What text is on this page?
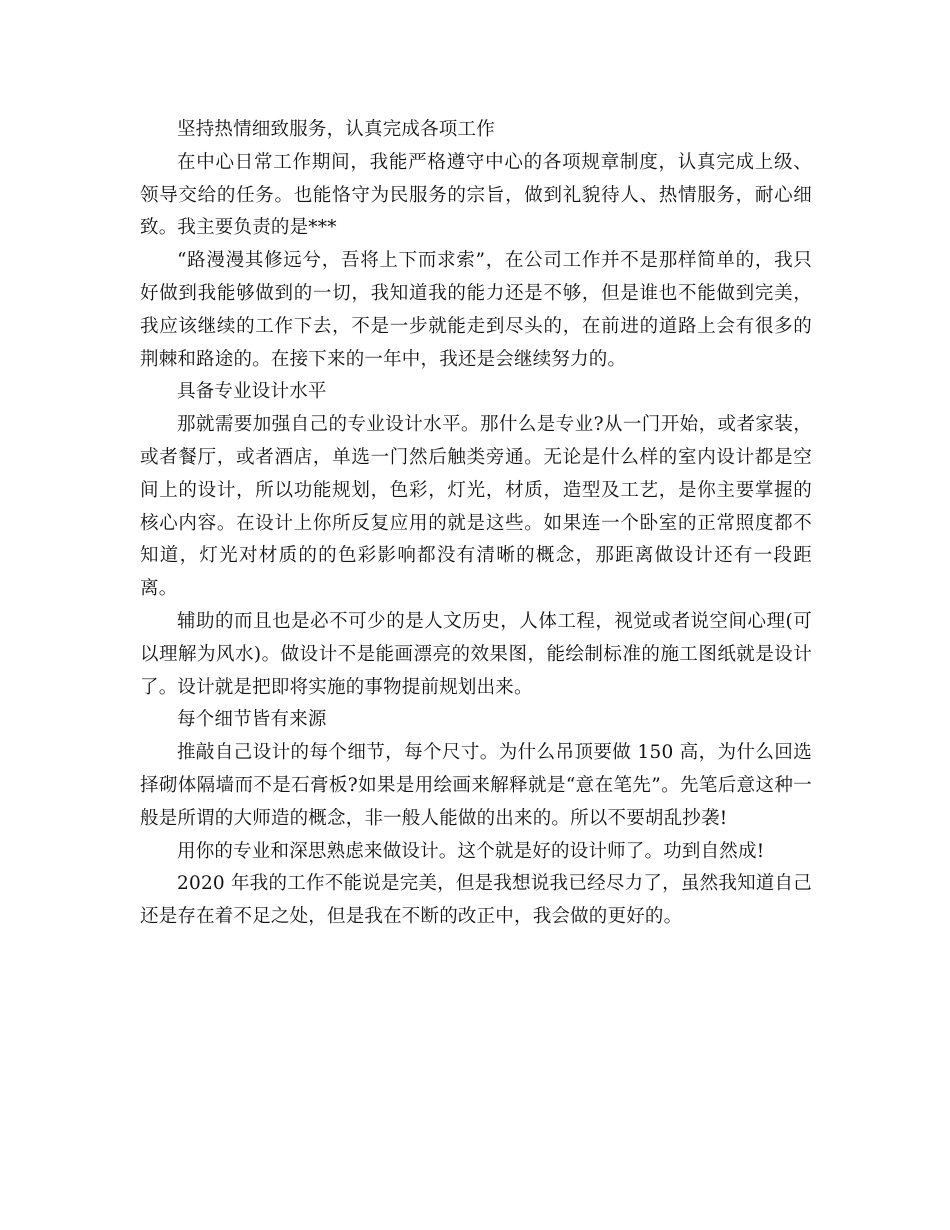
坚持热情细致服务，认真完成各项工作

在中心日常工作期间，我能严格遵守中心的各项规章制度，认真完成上级、领导交给的任务。也能恪守为民服务的宗旨，做到礼貌待人、热情服务，耐心细致。我主要负责的是***

“路漫漫其修远兮，吾将上下而求索”，在公司工作并不是那样简单的，我只好做到我能够做到的一切，我知道我的能力还是不够，但是谁也不能做到完美，我应该继续的工作下去，不是一步就能走到尽头的，在前进的道路上会有很多的荆棘和路途的。在接下来的一年中，我还是会继续努力的。

具备专业设计水平

那就需要加强自己的专业设计水平。那什么是专业?从一门开始，或者家装，或者餐厅，或者酒店，单选一门然后触类旁通。无论是什么样的室内设计都是空间上的设计，所以功能规划，色彩，灯光，材质，造型及工艺，是你主要掌握的核心内容。在设计上你所反复应用的就是这些。如果连一个卧室的正常照度都不知道，灯光对材质的的色彩影响都没有清晰的概念，那距离做设计还有一段距离。

辅助的而且也是必不可少的是人文历史，人体工程，视觉或者说空间心理(可以理解为风水)。做设计不是能画漂亮的效果图，能绘制标准的施工图纸就是设计了。设计就是把即将实施的事物提前规划出来。

每个细节皆有来源

推敲自己设计的每个细节，每个尺寸。为什么吊顶要做 150 高，为什么回选择砌体隔墙而不是石膏板?如果是用绘画来解释就是“意在笔先”。先笔后意这种一般是所谓的大师造的概念，非一般人能做的出来的。所以不要胡乱抄袭!

用你的专业和深思熟虑来做设计。这个就是好的设计师了。功到自然成!

2020 年我的工作不能说是完美，但是我想说我已经尽力了，虽然我知道自己还是存在着不足之处，但是我在不断的改正中，我会做的更好的。
